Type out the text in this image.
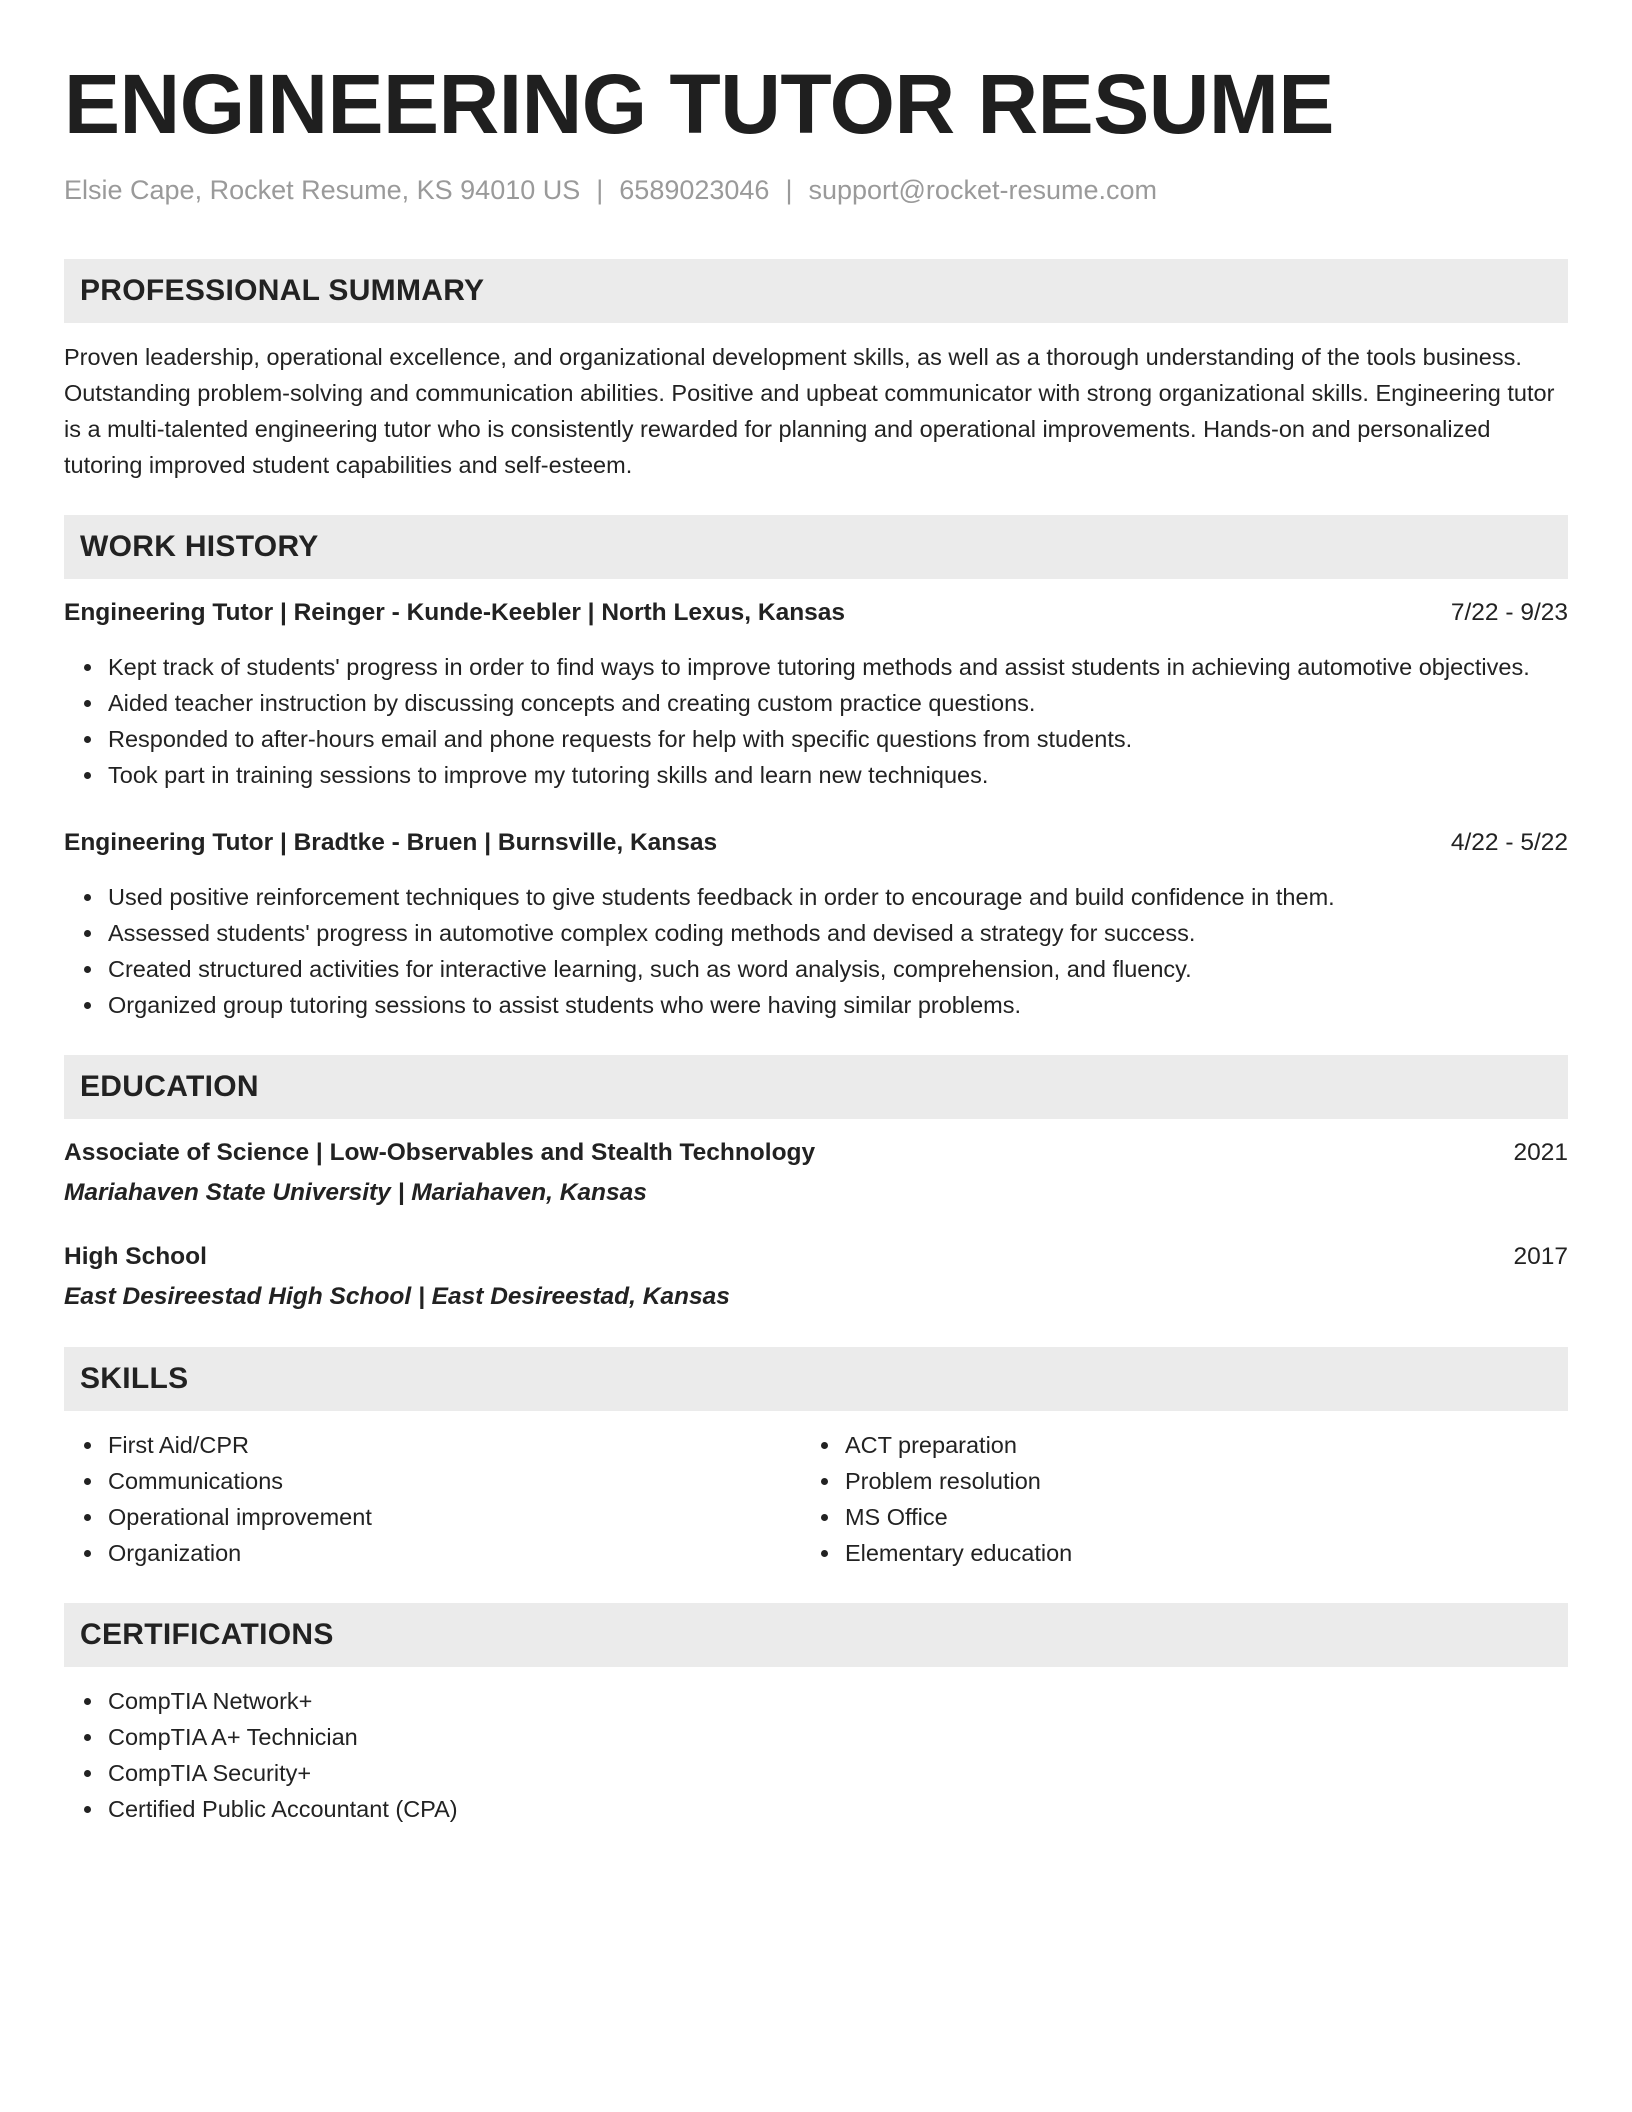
ENGINEERING TUTOR RESUME
Elsie Cape, Rocket Resume, KS 94010 US | 6589023046 | support@rocket-resume.com
PROFESSIONAL SUMMARY
Proven leadership, operational excellence, and organizational development skills, as well as a thorough understanding of the tools business. Outstanding problem-solving and communication abilities. Positive and upbeat communicator with strong organizational skills. Engineering tutor is a multi-talented engineering tutor who is consistently rewarded for planning and operational improvements. Hands-on and personalized tutoring improved student capabilities and self-esteem.
WORK HISTORY
Engineering Tutor | Reinger - Kunde-Keebler | North Lexus, Kansas	7/22 - 9/23
Kept track of students' progress in order to find ways to improve tutoring methods and assist students in achieving automotive objectives.
Aided teacher instruction by discussing concepts and creating custom practice questions.
Responded to after-hours email and phone requests for help with specific questions from students.
Took part in training sessions to improve my tutoring skills and learn new techniques.
Engineering Tutor | Bradtke - Bruen | Burnsville, Kansas	4/22 - 5/22
Used positive reinforcement techniques to give students feedback in order to encourage and build confidence in them.
Assessed students' progress in automotive complex coding methods and devised a strategy for success.
Created structured activities for interactive learning, such as word analysis, comprehension, and fluency.
Organized group tutoring sessions to assist students who were having similar problems.
EDUCATION
Associate of Science | Low-Observables and Stealth Technology	2021
Mariahaven State University | Mariahaven, Kansas
High School	2017
East Desireestad High School | East Desireestad, Kansas
SKILLS
First Aid/CPR
Communications
Operational improvement
Organization
ACT preparation
Problem resolution
MS Office
Elementary education
CERTIFICATIONS
CompTIA Network+
CompTIA A+ Technician
CompTIA Security+
Certified Public Accountant (CPA)
